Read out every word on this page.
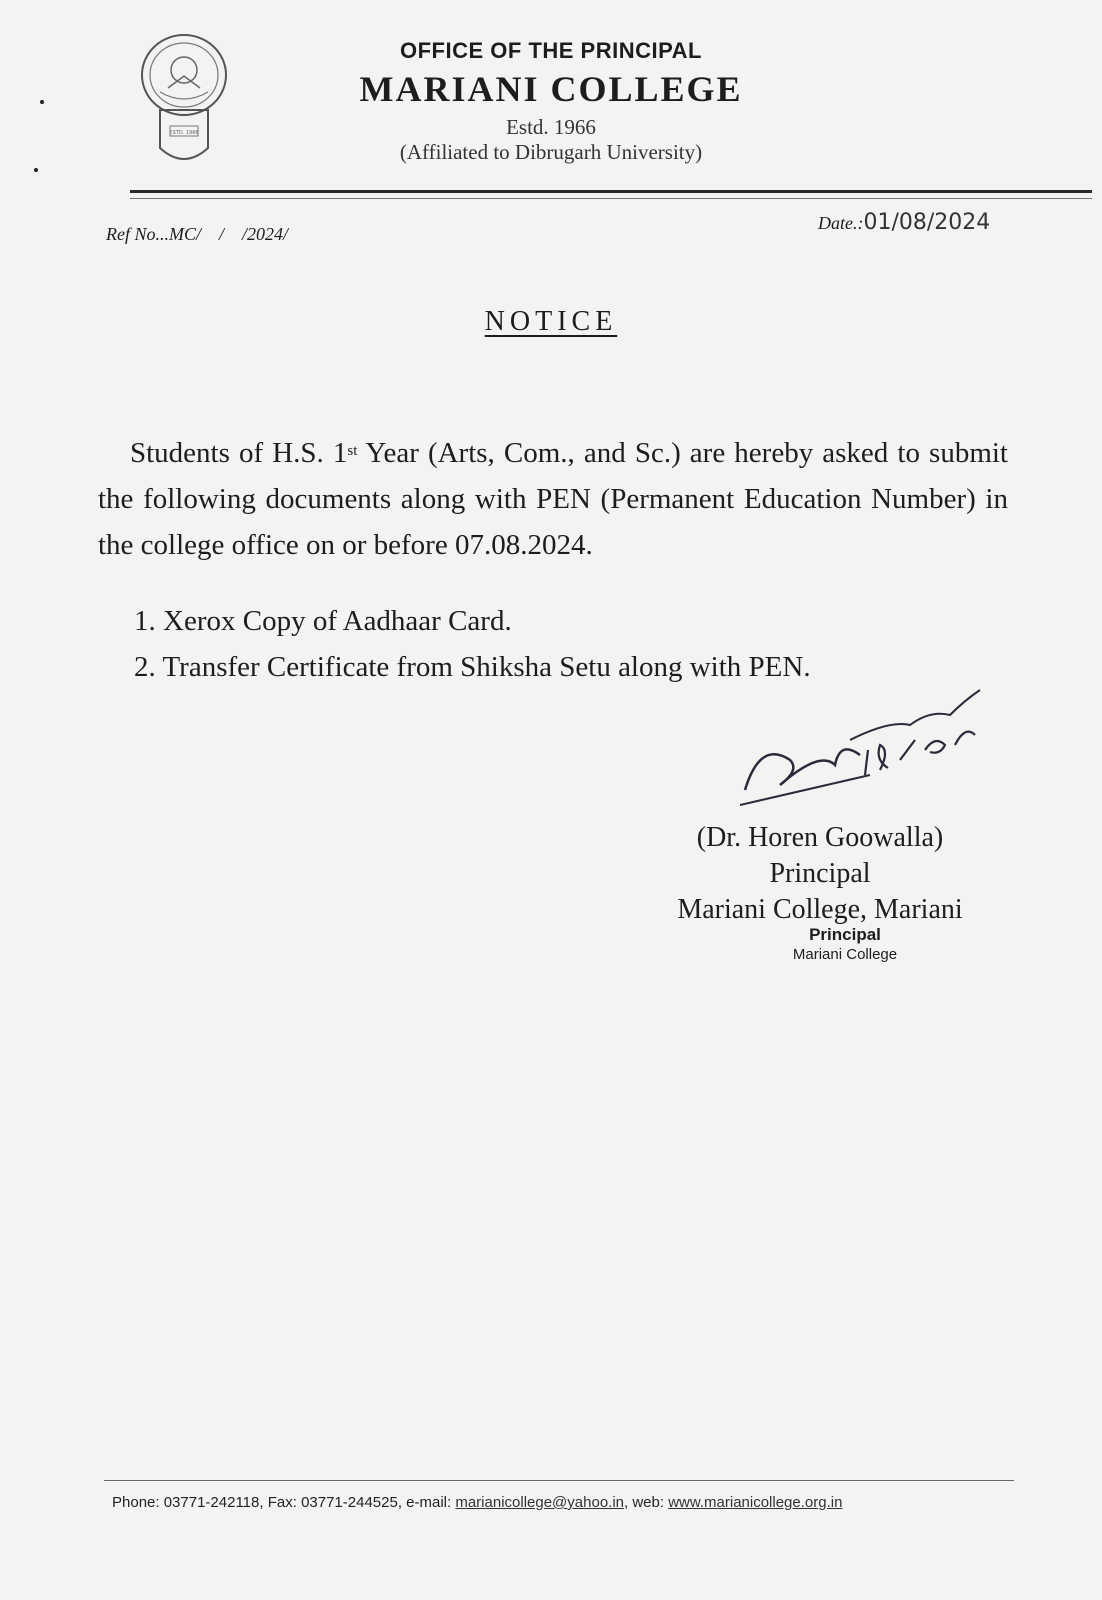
ESTD. 1966
OFFICE OF THE PRINCIPAL
MARIANI COLLEGE
Estd. 1966
(Affiliated to Dibrugarh University)
Ref No...MC/    /    /2024/
Date.:01/08/2024
NOTICE
Students of H.S. 1st Year (Arts, Com., and Sc.) are hereby asked to submit the following documents along with PEN (Permanent Education Number) in the college office on or before 07.08.2024.
1. Xerox Copy of Aadhaar Card.
2. Transfer Certificate from Shiksha Setu along with PEN.
(Dr. Horen Goowalla)
Principal
Mariani College, Mariani
Principal
Mariani College
Phone: 03771-242118, Fax: 03771-244525, e-mail: marianicollege@yahoo.in, web: www.marianicollege.org.in
